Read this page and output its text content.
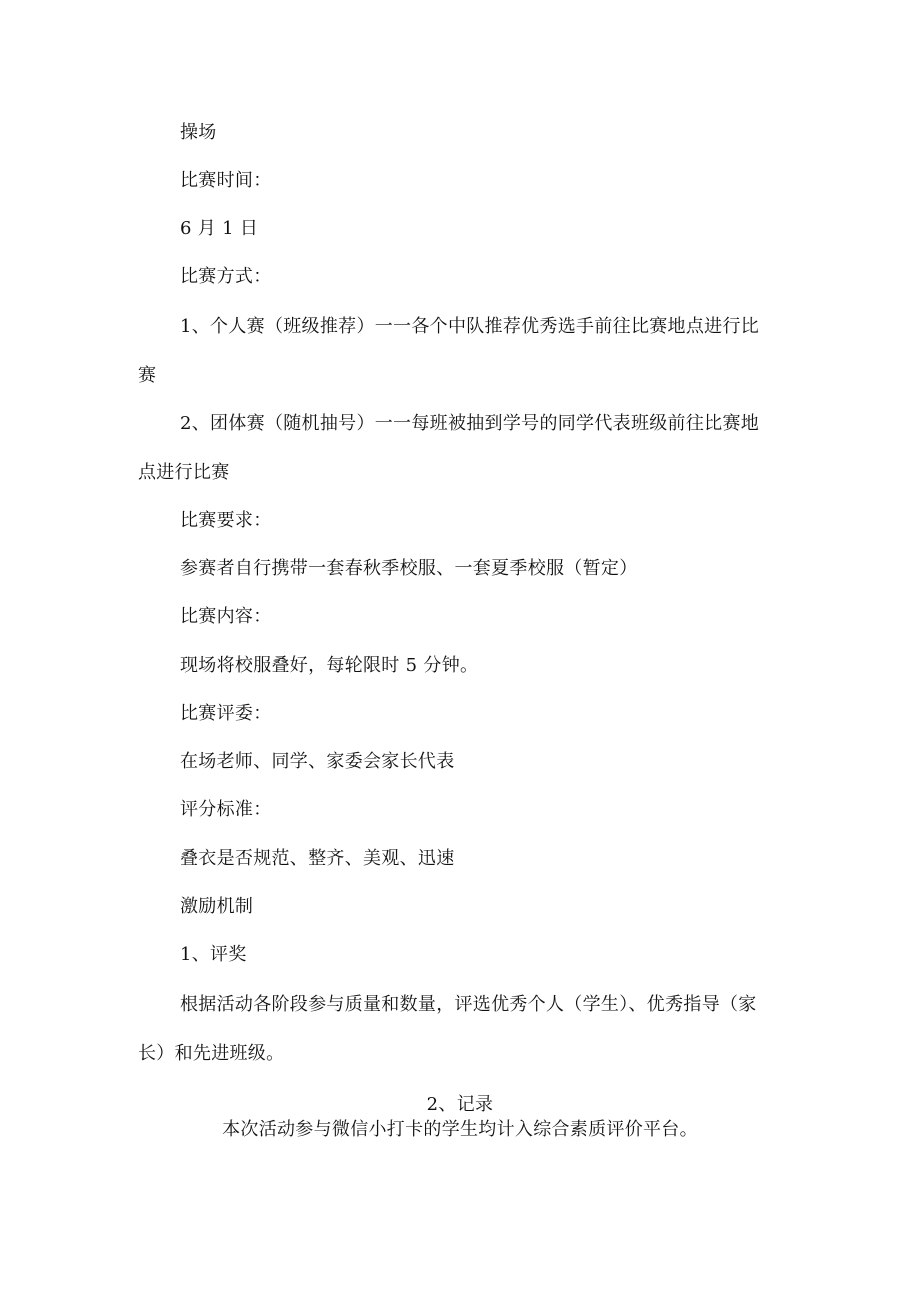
操场
比赛时间：
6 月 1 日
比赛方式：
1、个人赛（班级推荐）一一各个中队推荐优秀选手前往比赛地点进行比
赛
2、团体赛（随机抽号）一一每班被抽到学号的同学代表班级前往比赛地
点进行比赛
比赛要求：
参赛者自行携带一套春秋季校服、一套夏季校服（暂定）
比赛内容：
现场将校服叠好，每轮限时 5 分钟。
比赛评委：
在场老师、同学、家委会家长代表
评分标准：
叠衣是否规范、整齐、美观、迅速
激励机制
1、评奖
根据活动各阶段参与质量和数量，评选优秀个人（学生）、优秀指导（家
长）和先进班级。
2、记录
本次活动参与微信小打卡的学生均计入综合素质评价平台。
